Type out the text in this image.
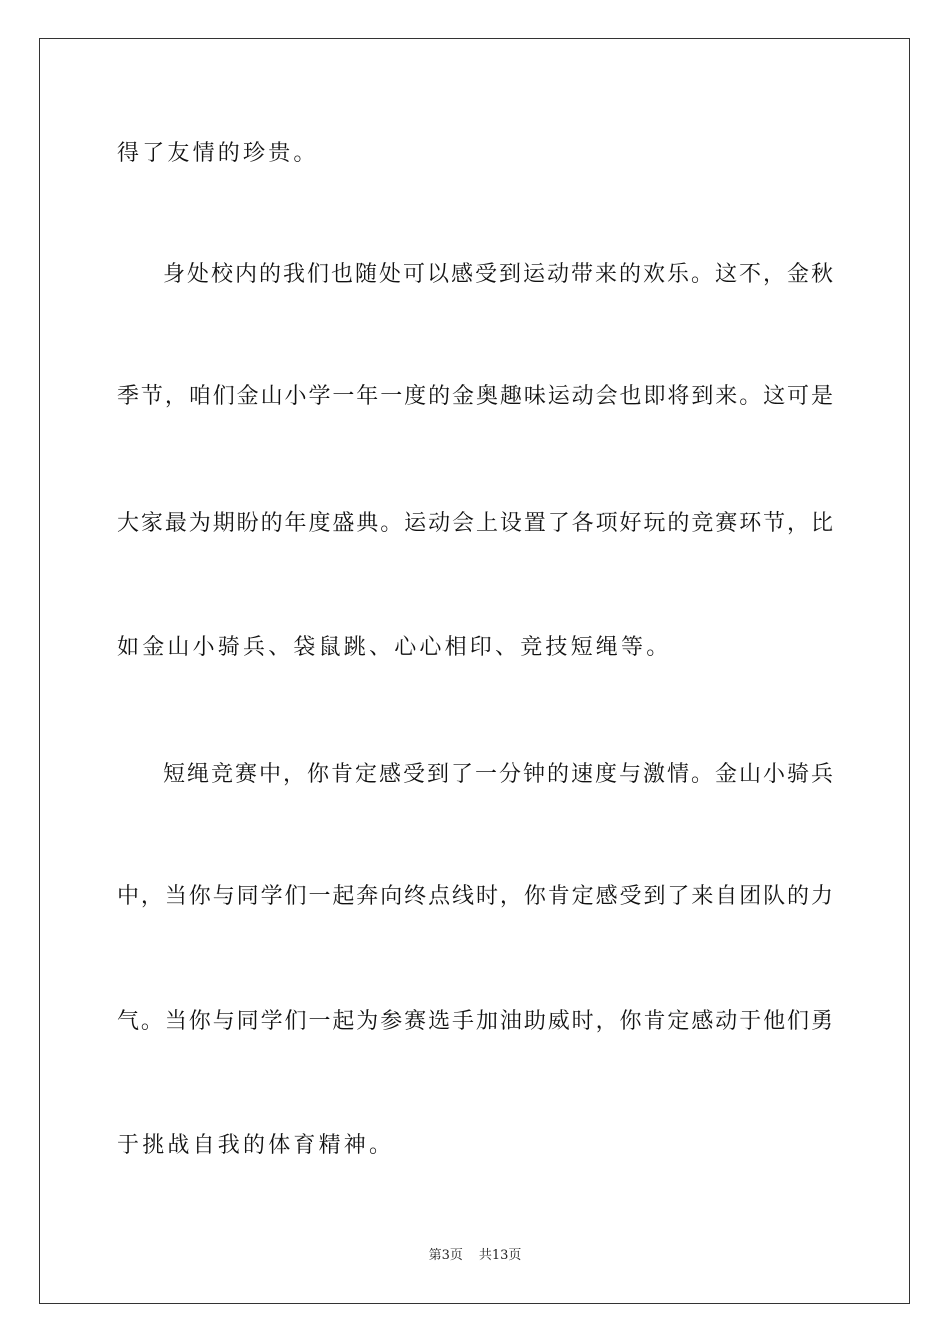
得了友情的珍贵。
身处校内的我们也随处可以感受到运动带来的欢乐。这不，金秋
季节，咱们金山小学一年一度的金奥趣味运动会也即将到来。这可是
大家最为期盼的年度盛典。运动会上设置了各项好玩的竞赛环节，比
如金山小骑兵、袋鼠跳、心心相印、竞技短绳等。
短绳竞赛中，你肯定感受到了一分钟的速度与激情。金山小骑兵
中，当你与同学们一起奔向终点线时，你肯定感受到了来自团队的力
气。当你与同学们一起为参赛选手加油助威时，你肯定感动于他们勇
于挑战自我的体育精神。
第3页 共13页
